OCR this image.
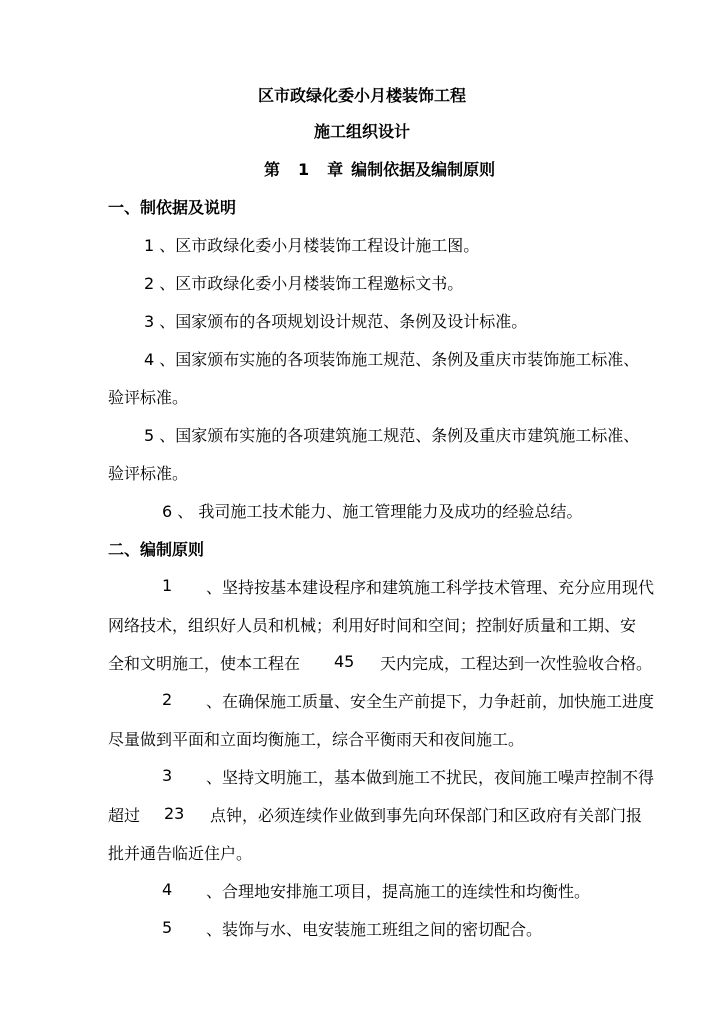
区市政绿化委小月楼装饰工程
施工组织设计
第 1 章 编制依据及编制原则
一、制依据及说明
1 、区市政绿化委小月楼装饰工程设计施工图。
2 、区市政绿化委小月楼装饰工程邀标文书。
3 、国家颁布的各项规划设计规范、条例及设计标准。
4 、国家颁布实施的各项装饰施工规范、条例及重庆市装饰施工标准、
验评标准。
5 、国家颁布实施的各项建筑施工规范、条例及重庆市建筑施工标准、
验评标准。
6 、 我司施工技术能力、施工管理能力及成功的经验总结。
二、编制原则
1 、坚持按基本建设程序和建筑施工科学技术管理、充分应用现代
网络技术，组织好人员和机械；利用好时间和空间；控制好质量和工期、安
全和文明施工，使本工程在 45 天内完成，工程达到一次性验收合格。
2 、在确保施工质量、安全生产前提下，力争赶前，加快施工进度
尽量做到平面和立面均衡施工，综合平衡雨天和夜间施工。
3 、坚持文明施工，基本做到施工不扰民，夜间施工噪声控制不得
超过 23 点钟，必须连续作业做到事先向环保部门和区政府有关部门报
批并通告临近住户。
4 、合理地安排施工项目，提高施工的连续性和均衡性。
5 、装饰与水、电安装施工班组之间的密切配合。
